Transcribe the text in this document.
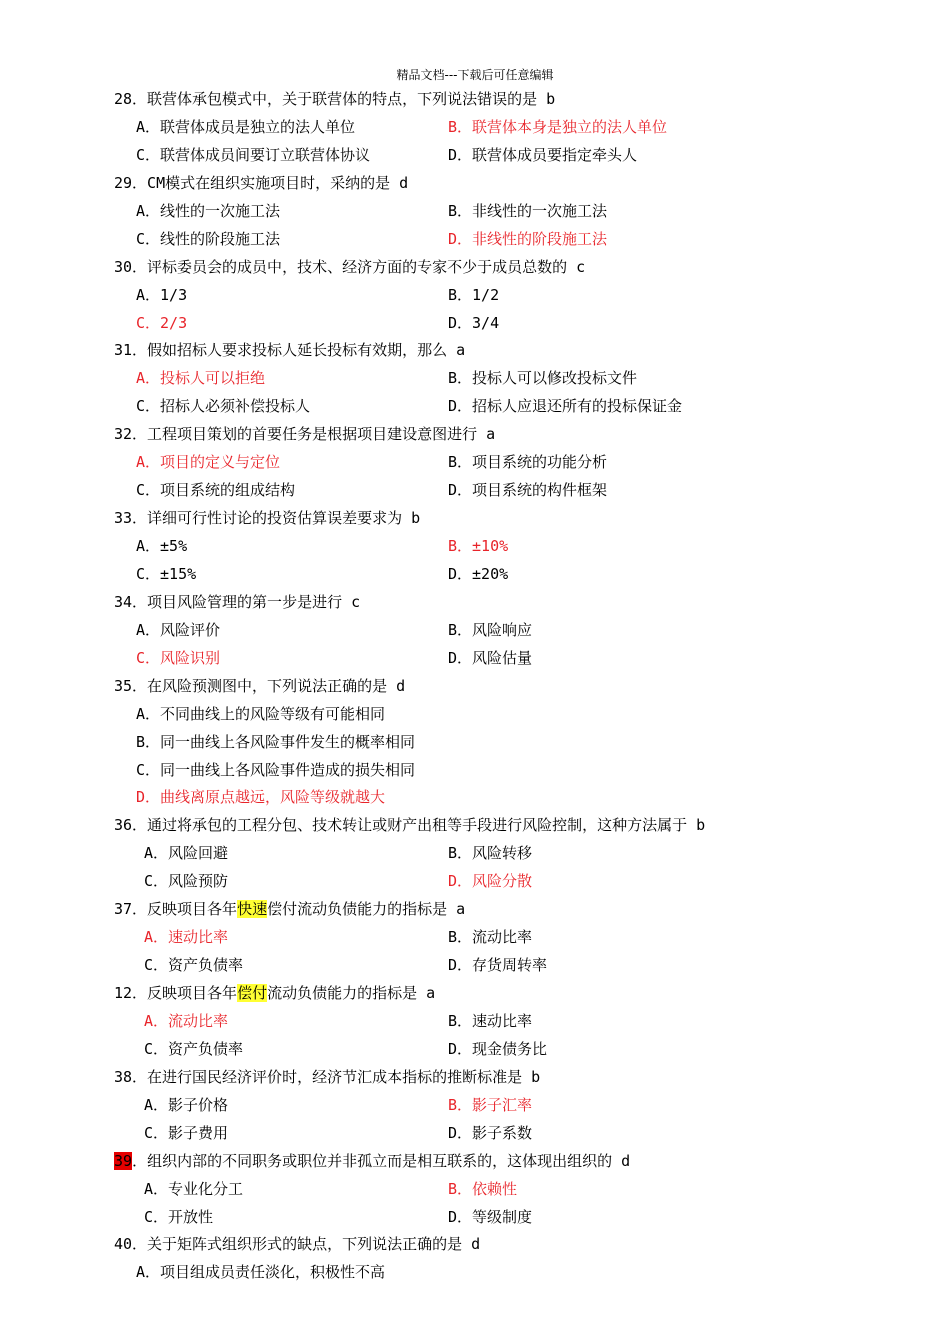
精品文档---下载后可任意编辑
28．联营体承包模式中，关于联营体的特点，下列说法错误的是 b
A．联营体成员是独立的法人单位	B．联营体本身是独立的法人单位
C．联营体成员间要订立联营体协议	D．联营体成员要指定牵头人
29．CM模式在组织实施项目时，采纳的是 d
A．线性的一次施工法	B．非线性的一次施工法
C．线性的阶段施工法	D．非线性的阶段施工法
30．评标委员会的成员中，技术、经济方面的专家不少于成员总数的 c
A．1/3	B．1/2
C．2/3	D．3/4
31．假如招标人要求投标人延长投标有效期，那么 a
A．投标人可以拒绝	B．投标人可以修改投标文件
C．招标人必须补偿投标人	D．招标人应退还所有的投标保证金
32．工程项目策划的首要任务是根据项目建设意图进行 a
A．项目的定义与定位	B．项目系统的功能分析
C．项目系统的组成结构	D．项目系统的构件框架
33．详细可行性讨论的投资估算误差要求为 b
A．±5%	B．±10%
C．±15%	D．±20%
34．项目风险管理的第一步是进行 c
A．风险评价	B．风险响应
C．风险识别	D．风险估量
35．在风险预测图中，下列说法正确的是 d
A．不同曲线上的风险等级有可能相同
B．同一曲线上各风险事件发生的概率相同
C．同一曲线上各风险事件造成的损失相同
D．曲线离原点越远，风险等级就越大
36．通过将承包的工程分包、技术转让或财产出租等手段进行风险控制，这种方法属于 b
A．风险回避	B．风险转移
C．风险预防	D．风险分散
37．反映项目各年快速偿付流动负债能力的指标是 a
A．速动比率	B．流动比率
C．资产负债率	D．存货周转率
12．反映项目各年偿付流动负债能力的指标是 a
A．流动比率	B．速动比率
C．资产负债率	D．现金债务比
38．在进行国民经济评价时，经济节汇成本指标的推断标准是 b
A．影子价格	B．影子汇率
C．影子费用	D．影子系数
39．组织内部的不同职务或职位并非孤立而是相互联系的，这体现出组织的 d
A．专业化分工	B．依赖性
C．开放性	D．等级制度
40．关于矩阵式组织形式的缺点，下列说法正确的是 d
A．项目组成员责任淡化，积极性不高
